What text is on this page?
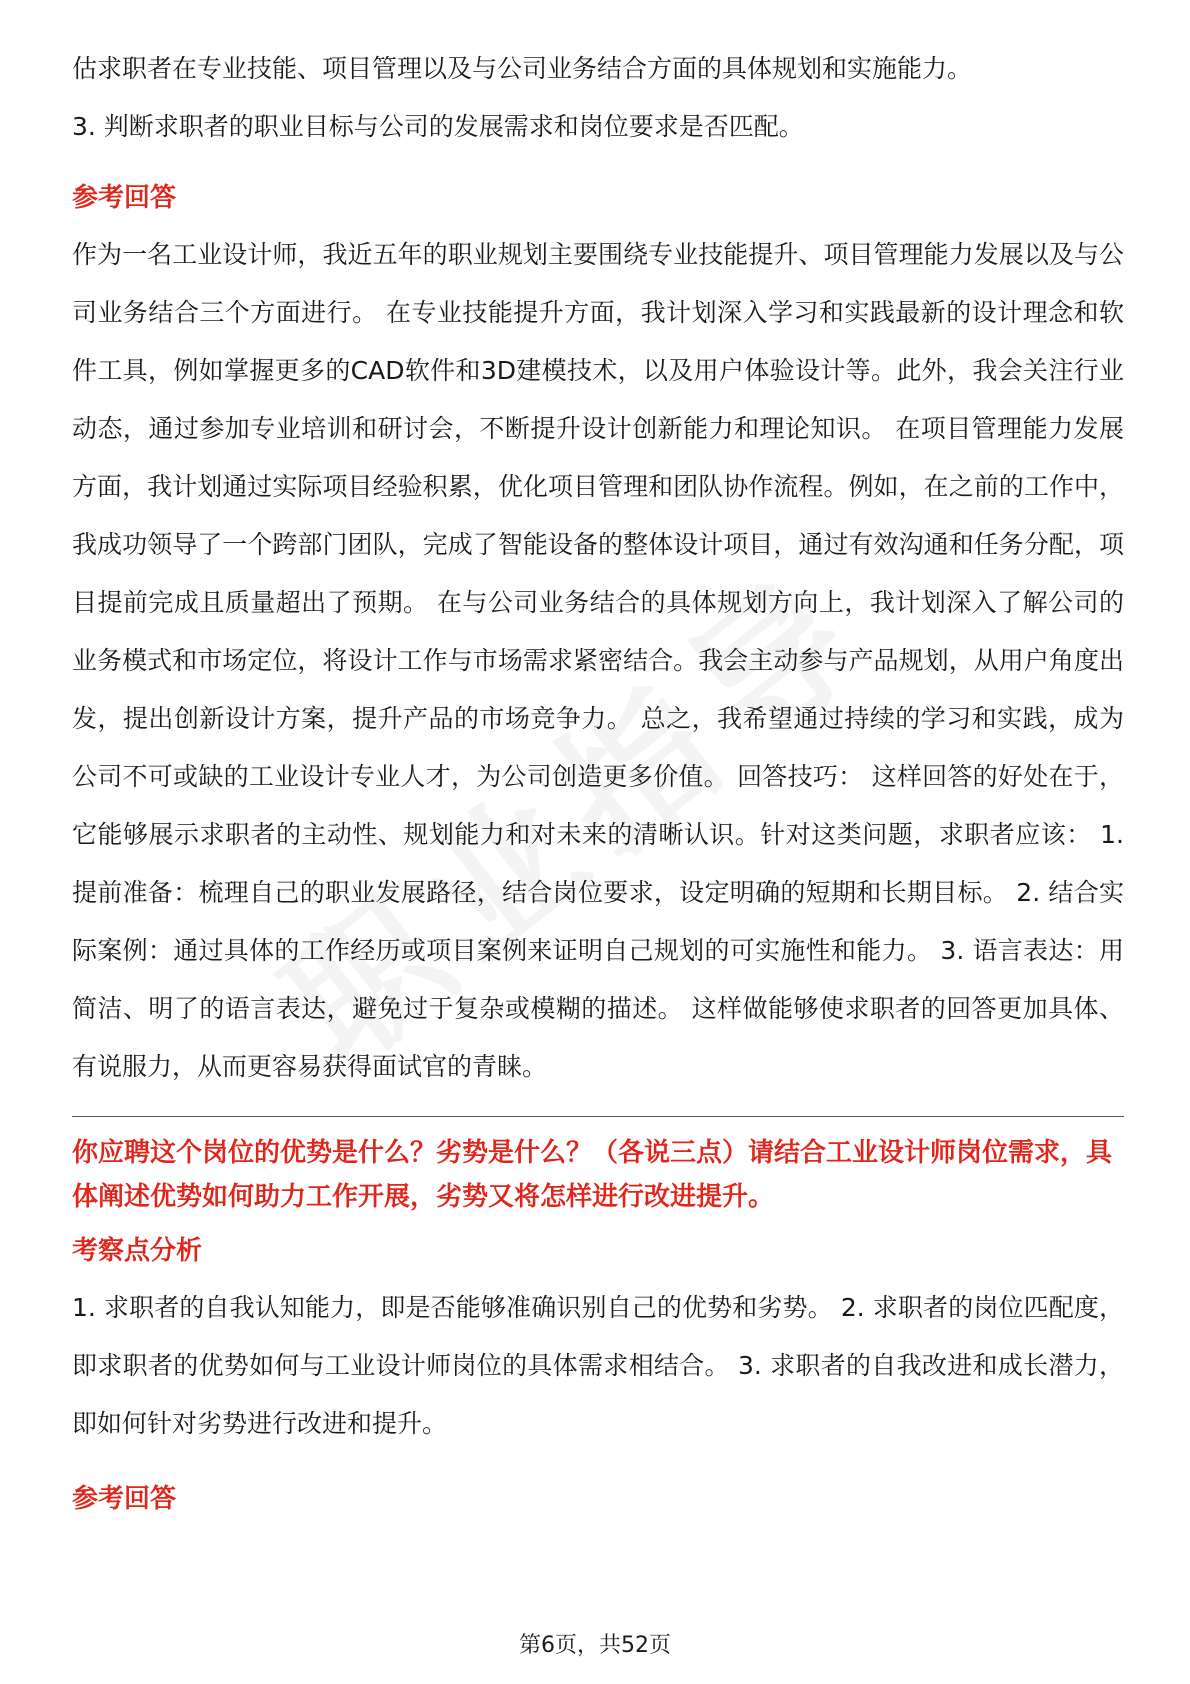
估求职者在专业技能、项目管理以及与公司业务结合方面的具体规划和实施能力。

3. 判断求职者的职业目标与公司的发展需求和岗位要求是否匹配。

参考回答

作为一名工业设计师，我近五年的职业规划主要围绕专业技能提升、项目管理能力发展以及与公司业务结合三个方面进行。 在专业技能提升方面，我计划深入学习和实践最新的设计理念和软件工具，例如掌握更多的CAD软件和3D建模技术，以及用户体验设计等。此外，我会关注行业动态，通过参加专业培训和研讨会，不断提升设计创新能力和理论知识。 在项目管理能力发展方面，我计划通过实际项目经验积累，优化项目管理和团队协作流程。例如，在之前的工作中，我成功领导了一个跨部门团队，完成了智能设备的整体设计项目，通过有效沟通和任务分配，项目提前完成且质量超出了预期。 在与公司业务结合的具体规划方向上，我计划深入了解公司的业务模式和市场定位，将设计工作与市场需求紧密结合。我会主动参与产品规划，从用户角度出发，提出创新设计方案，提升产品的市场竞争力。 总之，我希望通过持续的学习和实践，成为公司不可或缺的工业设计专业人才，为公司创造更多价值。 回答技巧： 这样回答的好处在于，它能够展示求职者的主动性、规划能力和对未来的清晰认识。针对这类问题，求职者应该： 1. 提前准备：梳理自己的职业发展路径，结合岗位要求，设定明确的短期和长期目标。 2. 结合实际案例：通过具体的工作经历或项目案例来证明自己规划的可实施性和能力。 3. 语言表达：用简洁、明了的语言表达，避免过于复杂或模糊的描述。 这样做能够使求职者的回答更加具体、有说服力，从而更容易获得面试官的青睐。

你应聘这个岗位的优势是什么？劣势是什么？（各说三点）请结合工业设计师岗位需求，具体阐述优势如何助力工作开展，劣势又将怎样进行改进提升。

考察点分析

1. 求职者的自我认知能力，即是否能够准确识别自己的优势和劣势。 2. 求职者的岗位匹配度，即求职者的优势如何与工业设计师岗位的具体需求相结合。 3. 求职者的自我改进和成长潜力，即如何针对劣势进行改进和提升。

参考回答

第6页，共52页
